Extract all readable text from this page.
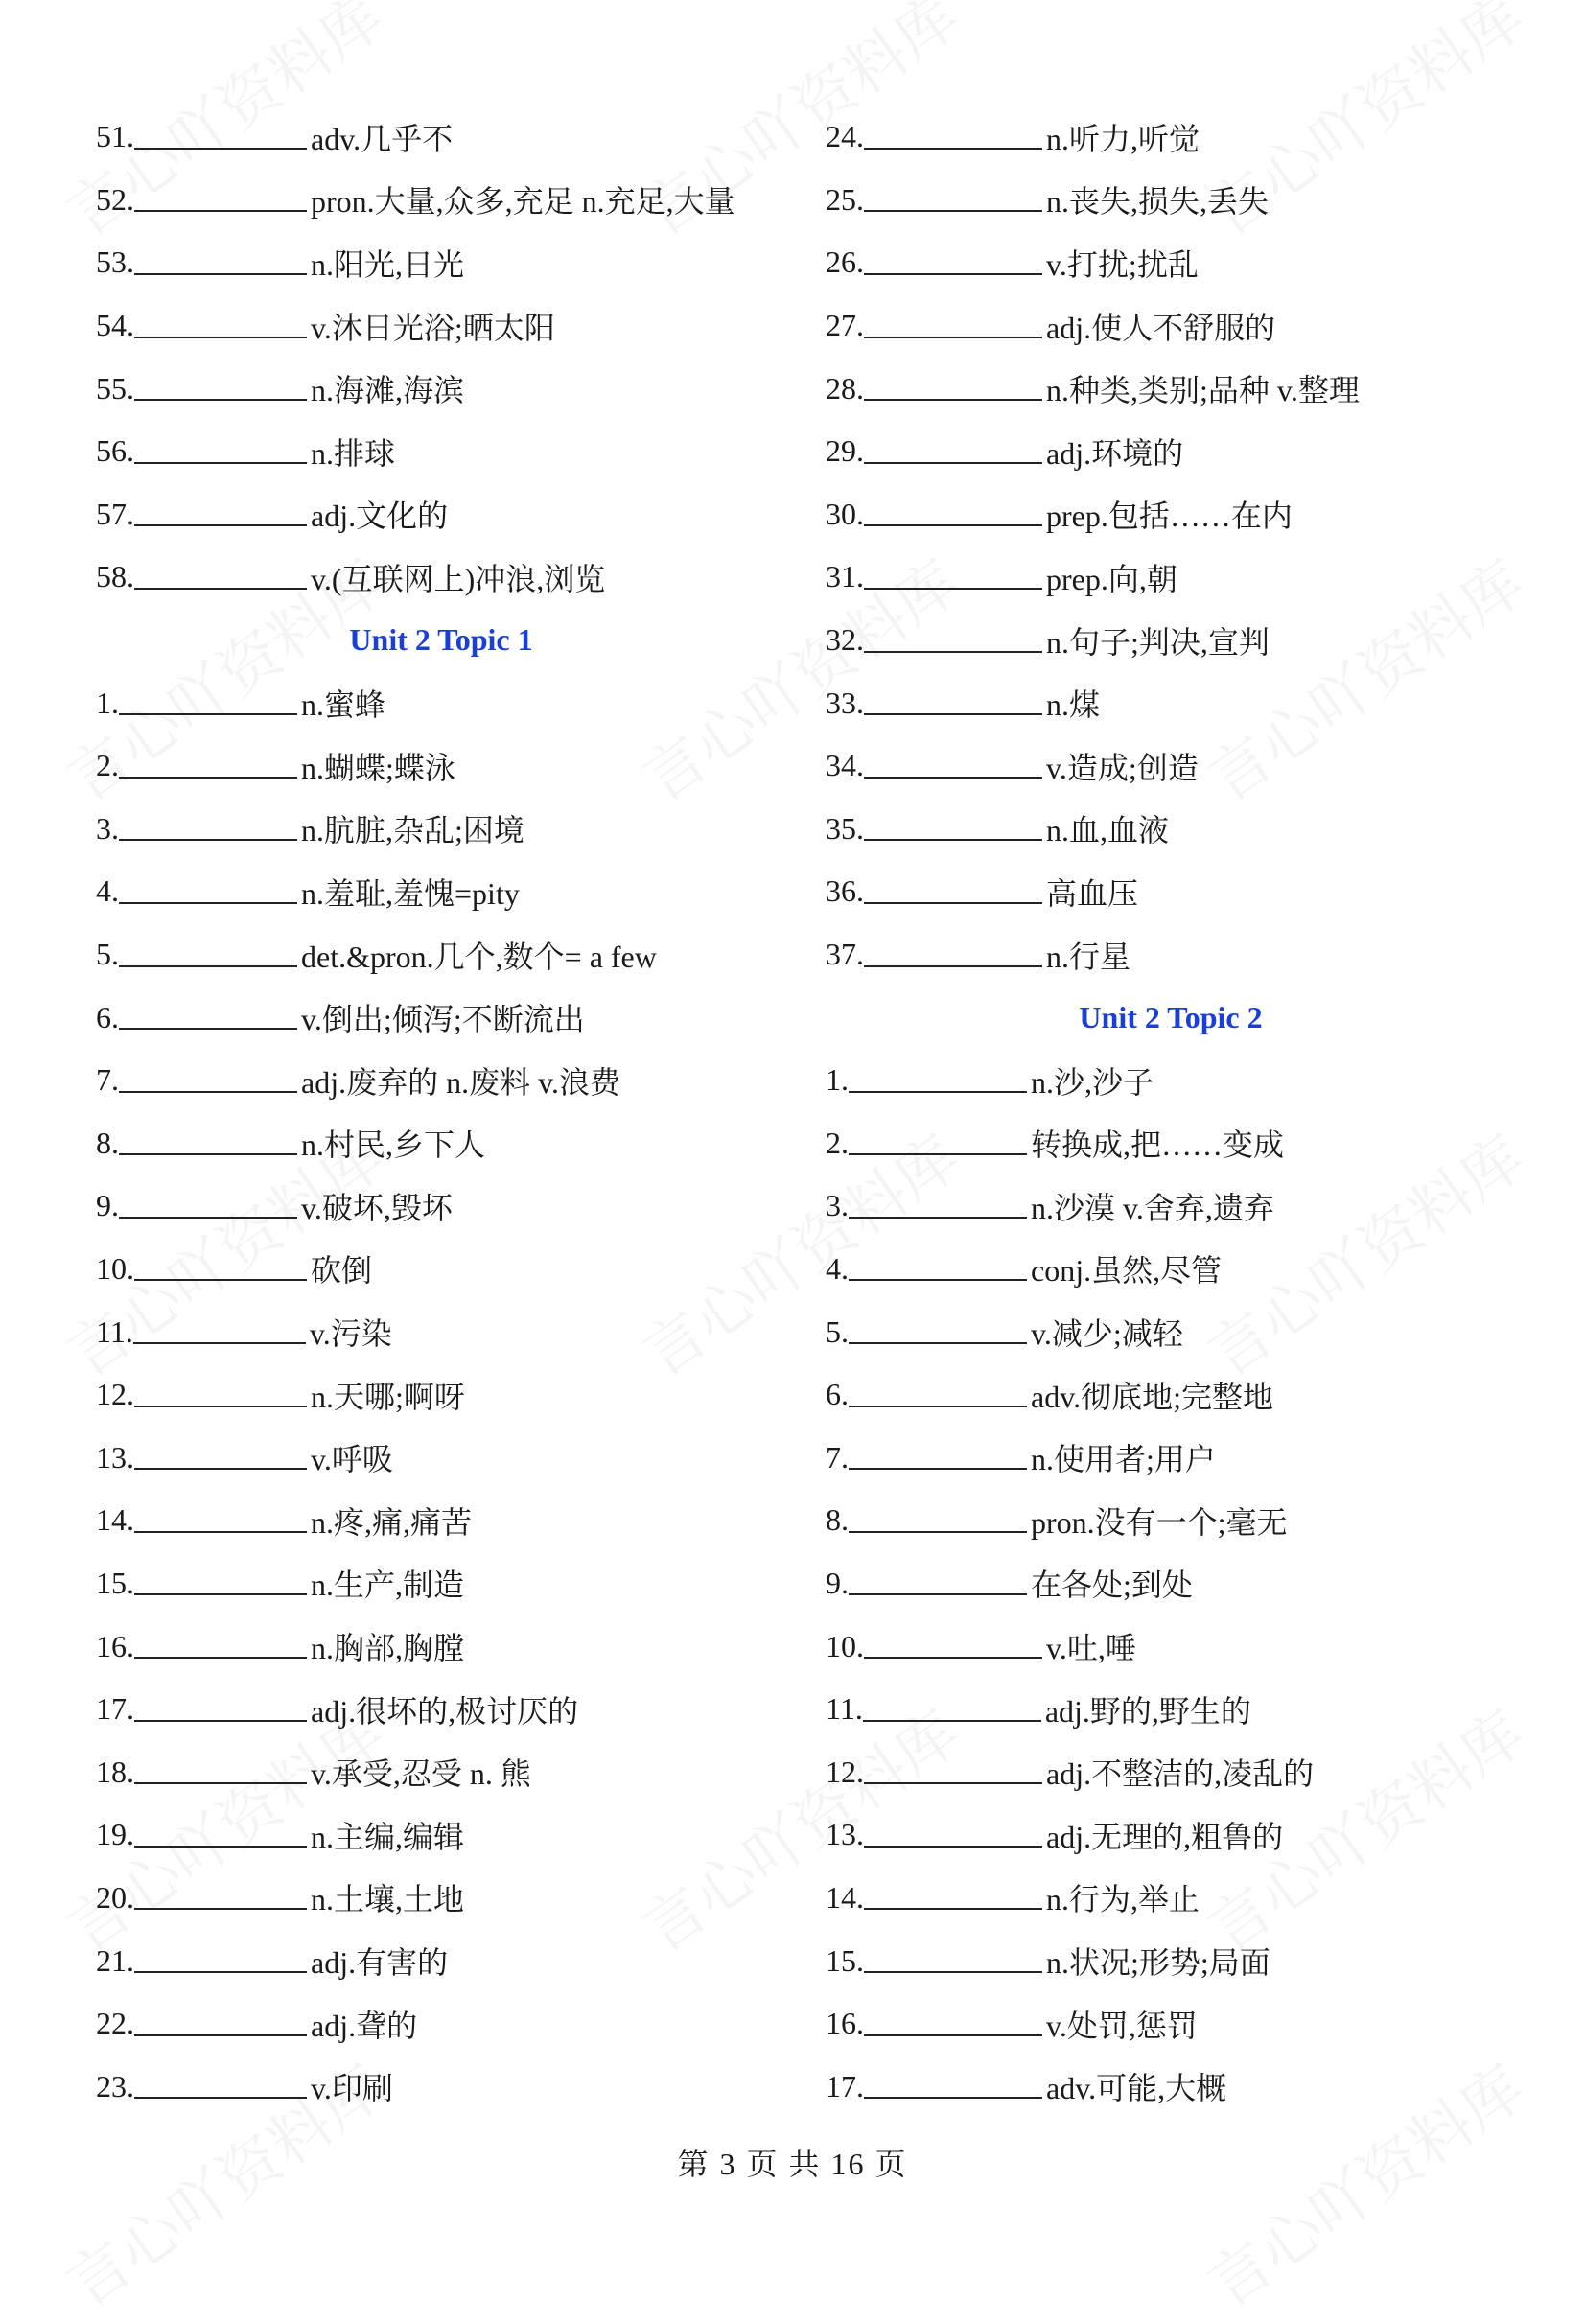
51.	adv.几乎不
52.	pron.大量,众多,充足 n.充足,大量
53.	n.阳光,日光
54.	v.沐日光浴;晒太阳
55.	n.海滩,海滨
56.	n.排球
57.	adj.文化的
58.	v.(互联网上)冲浪,浏览
Unit 2 Topic 1
1.	n.蜜蜂
2.	n.蝴蝶;蝶泳
3.	n.肮脏,杂乱;困境
4.	n.羞耻,羞愧=pity
5.	det.&pron.几个,数个= a few
6.	v.倒出;倾泻;不断流出
7.	adj.废弃的 n.废料 v.浪费
8.	n.村民,乡下人
9.	v.破坏,毁坏
10.	砍倒
11.	v.污染
12.	n.天哪;啊呀
13.	v.呼吸
14.	n.疼,痛,痛苦
15.	n.生产,制造
16.	n.胸部,胸膛
17.	adj.很坏的,极讨厌的
18.	v.承受,忍受 n. 熊
19.	n.主编,编辑
20.	n.土壤,土地
21.	adj.有害的
22.	adj.聋的
23.	v.印刷
24.	n.听力,听觉
25.	n.丧失,损失,丢失
26.	v.打扰;扰乱
27.	adj.使人不舒服的
28.	n.种类,类别;品种 v.整理
29.	adj.环境的
30.	prep.包括……在内
31.	prep.向,朝
32.	n.句子;判决,宣判
33.	n.煤
34.	v.造成;创造
35.	n.血,血液
36.	高血压
37.	n.行星
Unit 2 Topic 2
1.	n.沙,沙子
2.	转换成,把……变成
3.	n.沙漠 v.舍弃,遗弃
4.	conj.虽然,尽管
5.	v.减少;减轻
6.	adv.彻底地;完整地
7.	n.使用者;用户
8.	pron.没有一个;毫无
9.	在各处;到处
10.	v.吐,唾
11.	adj.野的,野生的
12.	adj.不整洁的,凌乱的
13.	adj.无理的,粗鲁的
14.	n.行为,举止
15.	n.状况;形势;局面
16.	v.处罚,惩罚
17.	adv.可能,大概
第 3 页 共 16 页
